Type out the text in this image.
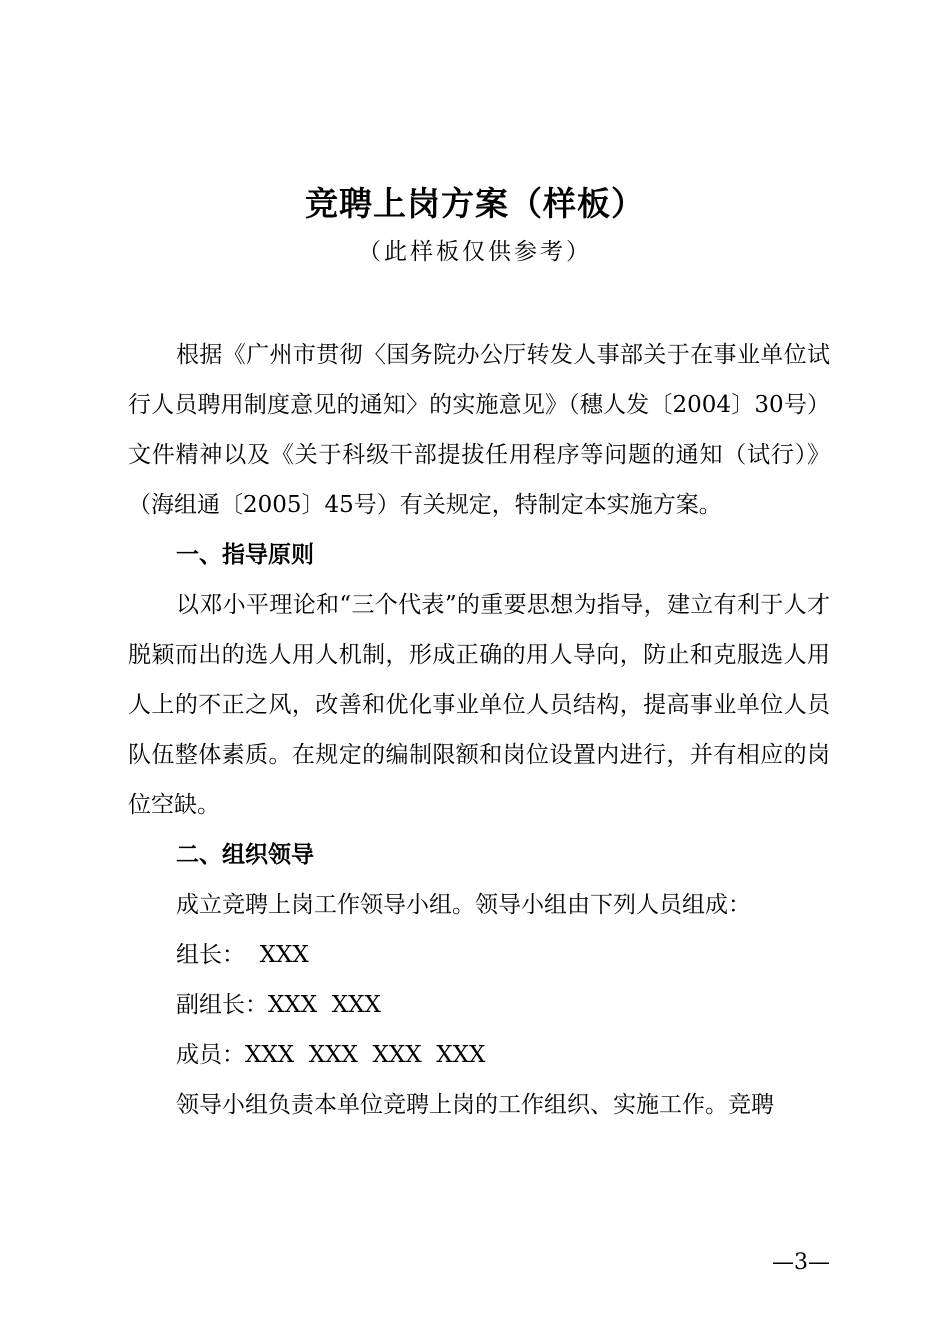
竞聘上岗方案（样板）
（此样板仅供参考）

根据《广州市贯彻〈国务院办公厅转发人事部关于在事业单位试行人员聘用制度意见的通知〉的实施意见》（穗人发〔2004〕30号）文件精神以及《关于科级干部提拔任用程序等问题的通知（试行）》（海组通〔2005〕45号）有关规定，特制定本实施方案。

一、指导原则

以邓小平理论和“三个代表”的重要思想为指导，建立有利于人才脱颖而出的选人用人机制，形成正确的用人导向，防止和克服选人用人上的不正之风，改善和优化事业单位人员结构，提高事业单位人员队伍整体素质。在规定的编制限额和岗位设置内进行，并有相应的岗位空缺。

二、组织领导

成立竞聘上岗工作领导小组。领导小组由下列人员组成：

组长：  XXX

副组长：XXX  XXX

成员：XXX  XXX  XXX  XXX

领导小组负责本单位竞聘上岗的工作组织、实施工作。竞聘

—3—
